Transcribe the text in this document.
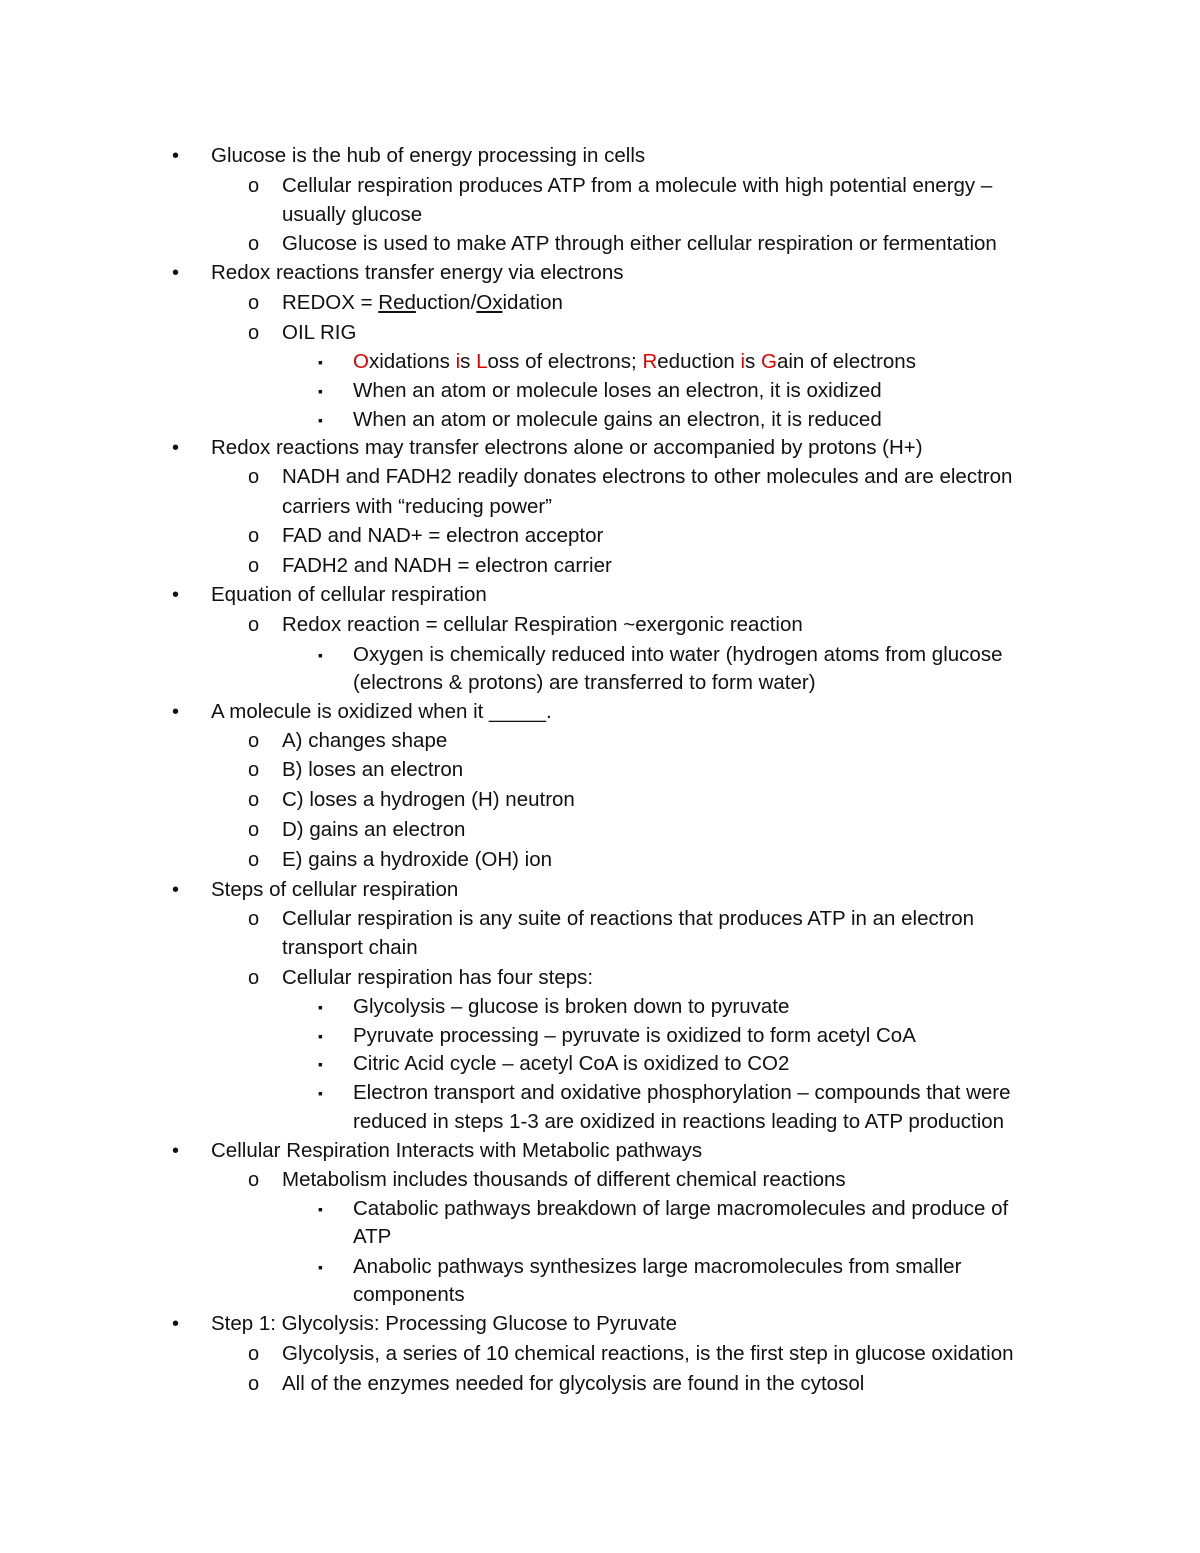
• Glucose is the hub of energy processing in cells
o Cellular respiration produces ATP from a molecule with high potential energy –
usually glucose
o Glucose is used to make ATP through either cellular respiration or fermentation
• Redox reactions transfer energy via electrons
o REDOX = Reduction/Oxidation
o OIL RIG
▪ Oxidations is Loss of electrons; Reduction is Gain of electrons
▪ When an atom or molecule loses an electron, it is oxidized
▪ When an atom or molecule gains an electron, it is reduced
• Redox reactions may transfer electrons alone or accompanied by protons (H+)
o NADH and FADH2 readily donates electrons to other molecules and are electron
carriers with “reducing power”
o FAD and NAD+ = electron acceptor
o FADH2 and NADH = electron carrier
• Equation of cellular respiration
o Redox reaction = cellular Respiration ~exergonic reaction
▪ Oxygen is chemically reduced into water (hydrogen atoms from glucose
(electrons & protons) are transferred to form water)
• A molecule is oxidized when it _____.
o A) changes shape
o B) loses an electron
o C) loses a hydrogen (H) neutron
o D) gains an electron
o E) gains a hydroxide (OH) ion
• Steps of cellular respiration
o Cellular respiration is any suite of reactions that produces ATP in an electron
transport chain
o Cellular respiration has four steps:
▪ Glycolysis – glucose is broken down to pyruvate
▪ Pyruvate processing – pyruvate is oxidized to form acetyl CoA
▪ Citric Acid cycle – acetyl CoA is oxidized to CO2
▪ Electron transport and oxidative phosphorylation – compounds that were
reduced in steps 1-3 are oxidized in reactions leading to ATP production
• Cellular Respiration Interacts with Metabolic pathways
o Metabolism includes thousands of different chemical reactions
▪ Catabolic pathways breakdown of large macromolecules and produce of
ATP
▪ Anabolic pathways synthesizes large macromolecules from smaller
components
• Step 1: Glycolysis: Processing Glucose to Pyruvate
o Glycolysis, a series of 10 chemical reactions, is the first step in glucose oxidation
o All of the enzymes needed for glycolysis are found in the cytosol
